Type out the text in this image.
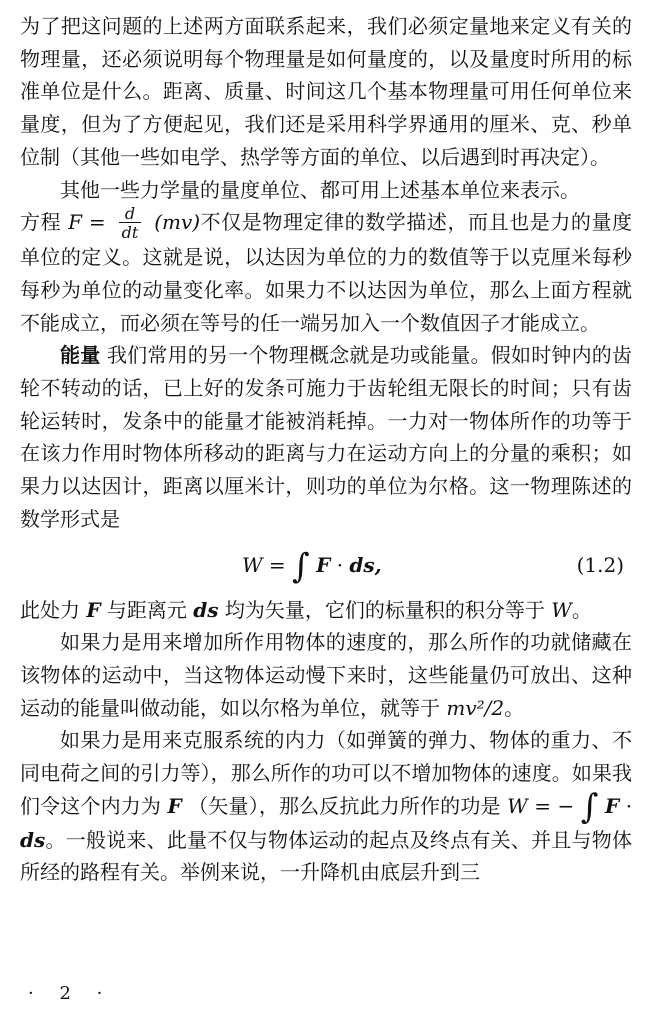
为了把这问题的上述两方面联系起来，我们必须定量地来定义有关的物理量，还必须说明每个物理量是如何量度的，以及量度时所用的标准单位是什么。距离、质量、时间这几个基本物理量可用任何单位来量度，但为了方便起见，我们还是采用科学界通用的厘米、克、秒单位制（其他一些如电学、热学等方面的单位、以后遇到时再决定）。

其他一些力学量的量度单位、都可用上述基本单位来表示。

方程 $F = \frac{d}{dt} (mv)$不仅是物理定律的数学描述，而且也是力的量度单位的定义。这就是说，以达因为单位的力的数值等于以克厘米每秒每秒为单位的动量变化率。如果力不以达因为单位，那么上面方程就不能成立，而必须在等号的任一端另加入一个数值因子才能成立。

能量 我们常用的另一个物理概念就是功或能量。假如时钟内的齿轮不转动的话，已上好的发条可施力于齿轮组无限长的时间；只有齿轮运转时，发条中的能量才能被消耗掉。一力对一物体所作的功等于在该力作用时物体所移动的距离与力在运动方向上的分量的乘积；如果力以达因计，距离以厘米计，则功的单位为尔格。这一物理陈述的数学形式是

W = ∫ F · ds,	(1.2)

此处力 F 与距离元 ds 均为矢量，它们的标量积的积分等于 W。

如果力是用来增加所作用物体的速度的，那么所作的功就储藏在该物体的运动中，当这物体运动慢下来时，这些能量仍可放出、这种运动的能量叫做动能，如以尔格为单位，就等于 mv²/2。

如果力是用来克服系统的内力（如弹簧的弹力、物体的重力、不同电荷之间的引力等），那么所作的功可以不增加物体的速度。如果我们令这个内力为 F （矢量），那么反抗此力所作的功是 W = − ∫ F · ds。一般说来、此量不仅与物体运动的起点及终点有关、并且与物体所经的路程有关。举例来说，一升降机由底层升到三

· 2 ·
